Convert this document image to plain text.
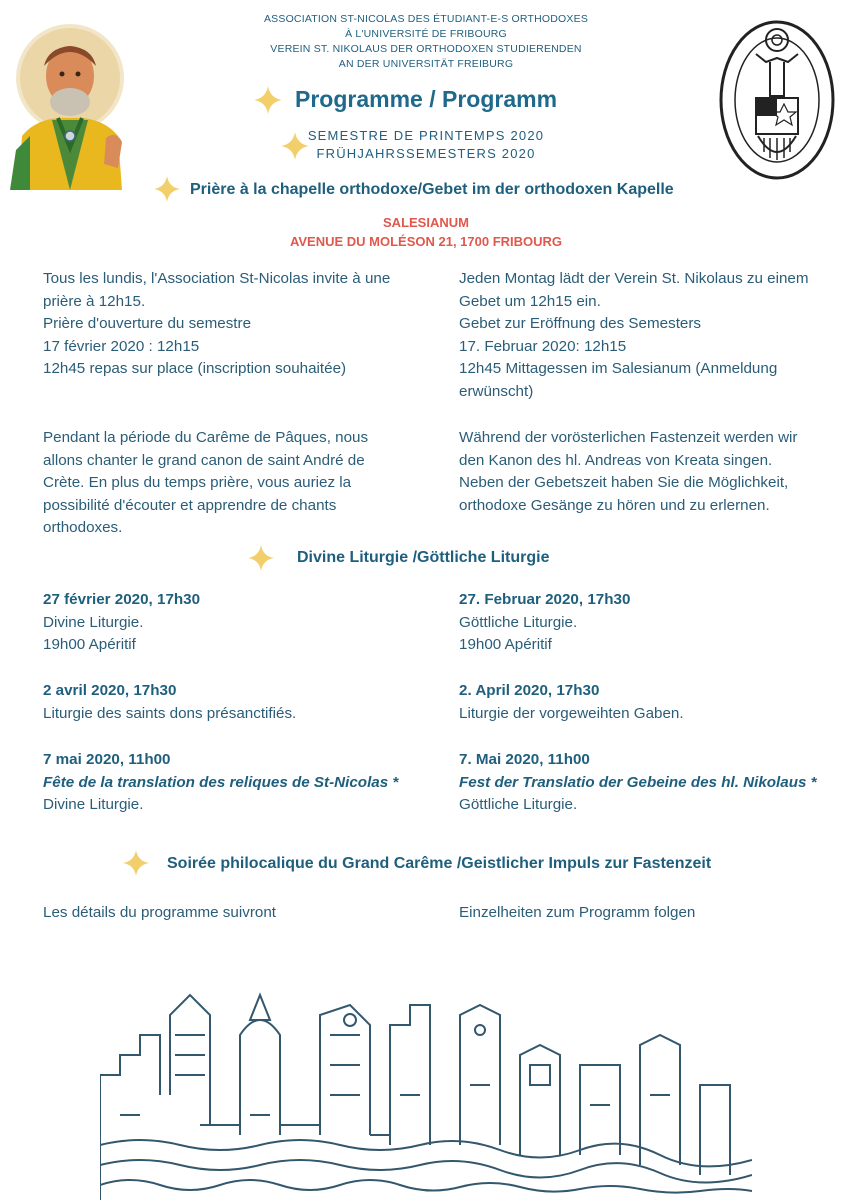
ASSOCIATION ST-NICOLAS DES ÉTUDIANT-E-S ORTHODOXES
À L'UNIVERSITÉ DE FRIBOURG
VEREIN ST. NIKOLAUS DER ORTHODOXEN STUDIERENDEN
AN DER UNIVERSITÄT FREIBURG
Programme / Programm
SEMESTRE DE PRINTEMPS 2020
FRÜHJAHRSSEMESTERS 2020
Prière à la chapelle orthodoxe/Gebet im der orthodoxen Kapelle
SALESIANUM
AVENUE DU MOLÉSON 21, 1700 FRIBOURG
Tous les lundis, l'Association St-Nicolas invite à une
prière à 12h15.
Prière d'ouverture du semestre
17 février 2020 : 12h15
12h45 repas sur place (inscription souhaitée)
Jeden Montag lädt der Verein St. Nikolaus zu einem
Gebet um 12h15 ein.
Gebet zur Eröffnung des Semesters
17. Februar 2020: 12h15
12h45 Mittagessen im Salesianum (Anmeldung
erwünscht)
Pendant la période du Carême de Pâques, nous
allons chanter le grand canon de saint André de
Crète. En plus du temps prière, vous auriez la
possibilité d'écouter et apprendre de chants
orthodoxes.
Während der vorösterlichen Fastenzeit werden wir
den Kanon des hl. Andreas von Kreata singen.
Neben der Gebetszeit haben Sie die Möglichkeit,
orthodoxe Gesänge zu hören und zu erlernen.
Divine Liturgie /Göttliche Liturgie
27 février 2020, 17h30
Divine Liturgie.
19h00 Apéritif
27. Februar 2020, 17h30
Göttliche Liturgie.
19h00 Apéritif
2 avril 2020, 17h30
Liturgie des saints dons présanctifiés.
2. April 2020, 17h30
Liturgie der vorgeweihten Gaben.
7 mai 2020, 11h00
Fête de la translation des reliques de St-Nicolas *
Divine Liturgie.
7. Mai 2020, 11h00
Fest der Translatio der Gebeine des hl. Nikolaus *
Göttliche Liturgie.
Soirée philocalique du Grand Carême /Geistlicher Impuls zur Fastenzeit
Les détails du programme suivront	Einzelheiten zum Programm folgen
